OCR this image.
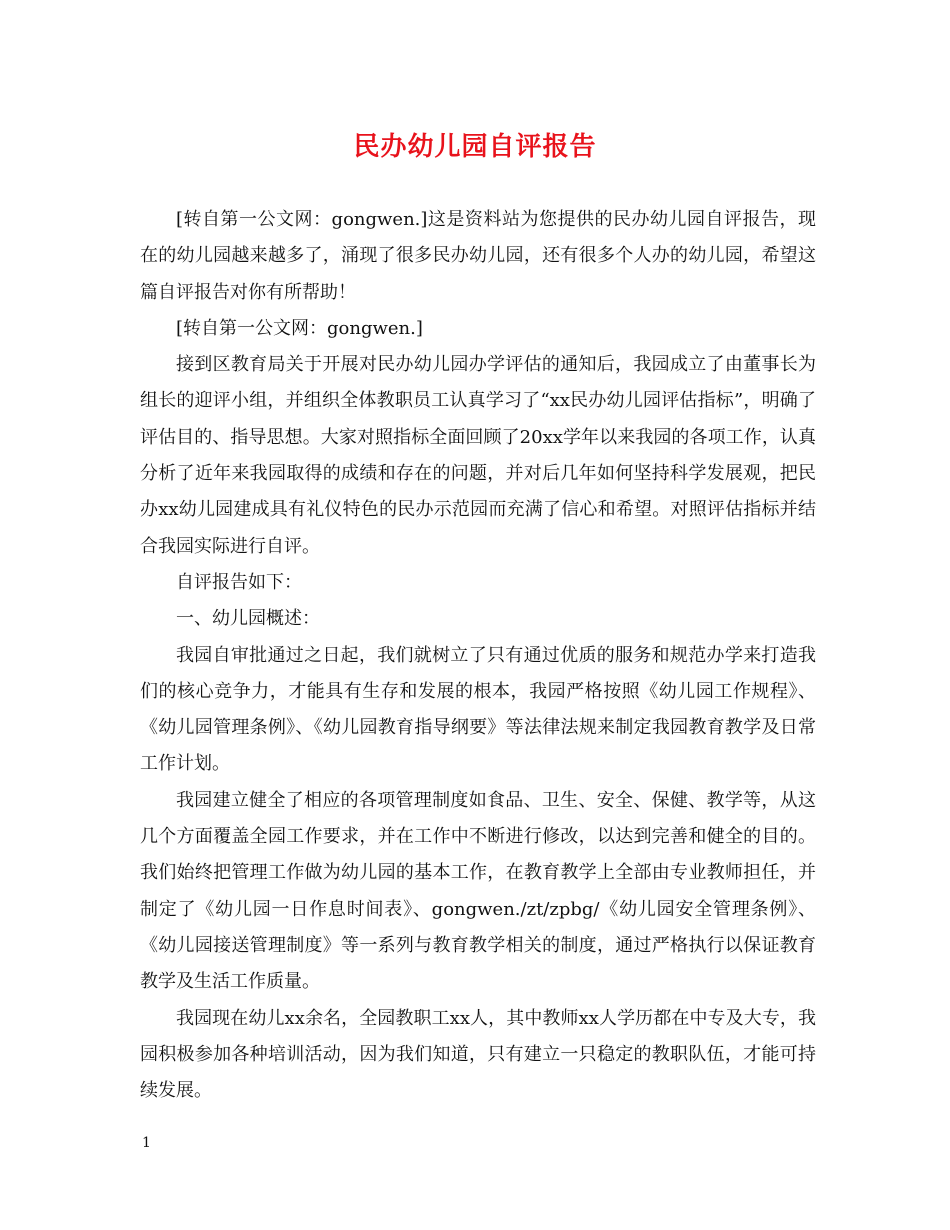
民办幼儿园自评报告

[转自第一公文网：gongwen.]这是资料站为您提供的民办幼儿园自评报告，现在的幼儿园越来越多了，涌现了很多民办幼儿园，还有很多个人办的幼儿园，希望这篇自评报告对你有所帮助！

[转自第一公文网：gongwen.]

接到区教育局关于开展对民办幼儿园办学评估的通知后，我园成立了由董事长为组长的迎评小组，并组织全体教职员工认真学习了“xx民办幼儿园评估指标”，明确了评估目的、指导思想。大家对照指标全面回顾了20xx学年以来我园的各项工作，认真分析了近年来我园取得的成绩和存在的问题，并对后几年如何坚持科学发展观，把民办xx幼儿园建成具有礼仪特色的民办示范园而充满了信心和希望。对照评估指标并结合我园实际进行自评。

自评报告如下：

一、幼儿园概述：

我园自审批通过之日起，我们就树立了只有通过优质的服务和规范办学来打造我们的核心竞争力，才能具有生存和发展的根本，我园严格按照《幼儿园工作规程》、《幼儿园管理条例》、《幼儿园教育指导纲要》等法律法规来制定我园教育教学及日常工作计划。

我园建立健全了相应的各项管理制度如食品、卫生、安全、保健、教学等，从这几个方面覆盖全园工作要求，并在工作中不断进行修改，以达到完善和健全的目的。我们始终把管理工作做为幼儿园的基本工作，在教育教学上全部由专业教师担任，并制定了《幼儿园一日作息时间表》、gongwen./zt/zpbg/《幼儿园安全管理条例》、《幼儿园接送管理制度》等一系列与教育教学相关的制度，通过严格执行以保证教育教学及生活工作质量。

我园现在幼儿xx余名，全园教职工xx人，其中教师xx人学历都在中专及大专，我园积极参加各种培训活动，因为我们知道，只有建立一只稳定的教职队伍，才能可持续发展。

1
